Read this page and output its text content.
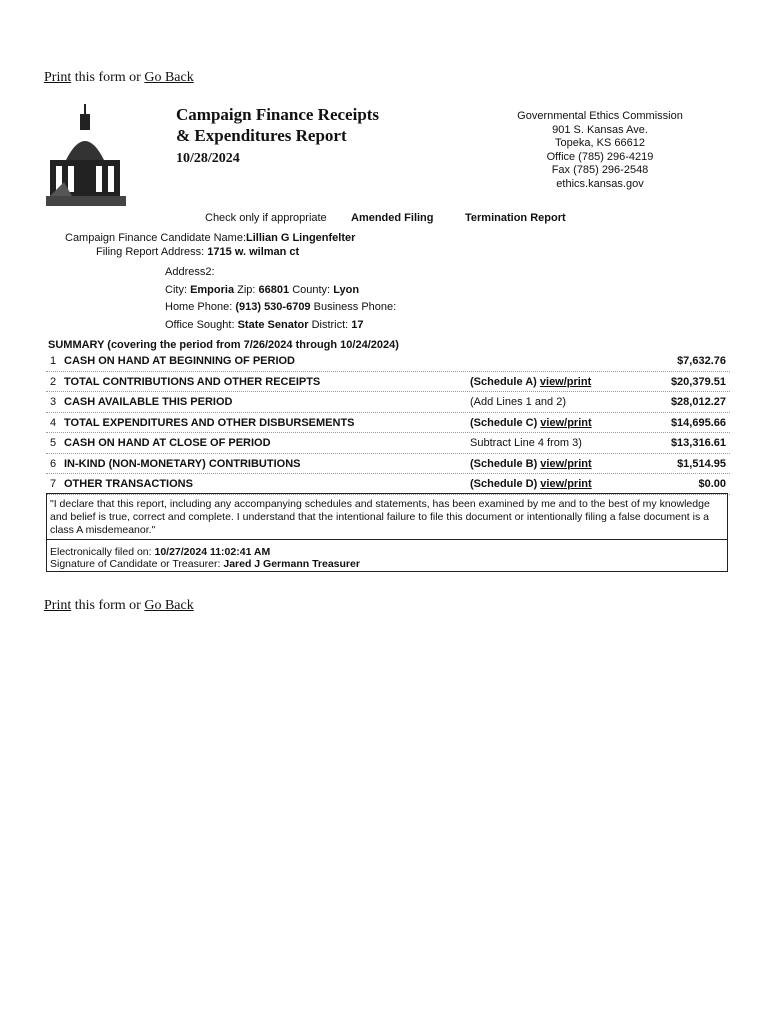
Print this form or Go Back
Campaign Finance Receipts
& Expenditures Report
10/28/2024
Governmental Ethics Commission
901 S. Kansas Ave.
Topeka, KS 66612
Office (785) 296-4219
Fax (785) 296-2548
ethics.kansas.gov
Check only if appropriate Amended Filing	Termination Report
Campaign Finance Candidate Name:Lillian G Lingenfelter
Filing Report Address: 1715 w. wilman ct
Address2:
City: Emporia Zip: 66801 County: Lyon
Home Phone: (913) 530-6709 Business Phone:
Office Sought: State Senator District: 17
SUMMARY (covering the period from 7/26/2024 through 10/24/2024)
1 CASH ON HAND AT BEGINNING OF PERIOD	$7,632.76
2 TOTAL CONTRIBUTIONS AND OTHER RECEIPTS	(Schedule A) view/print	$20,379.51
3 CASH AVAILABLE THIS PERIOD	(Add Lines 1 and 2)	$28,012.27
4 TOTAL EXPENDITURES AND OTHER DISBURSEMENTS	(Schedule C) view/print	$14,695.66
5 CASH ON HAND AT CLOSE OF PERIOD	Subtract Line 4 from 3)	$13,316.61
6 IN-KIND (NON-MONETARY) CONTRIBUTIONS	(Schedule B) view/print	$1,514.95
7 OTHER TRANSACTIONS	(Schedule D) view/print	$0.00
"I declare that this report, including any accompanying schedules and statements, has been examined by me and to the best of my knowledge and belief is true, correct and complete. I understand that the intentional failure to file this document or intentionally filing a false document is a class A misdemeanor."
Electronically filed on: 10/27/2024 11:02:41 AM
Signature of Candidate or Treasurer: Jared J Germann Treasurer
Print this form or Go Back
